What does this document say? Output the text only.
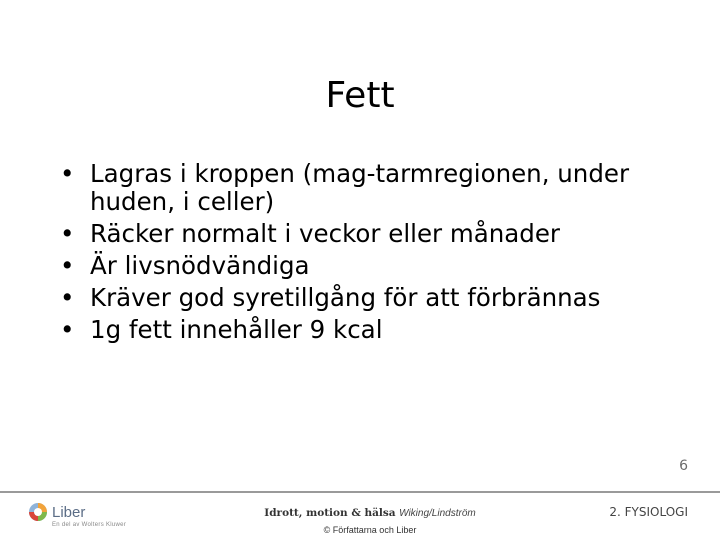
Fett
• Lagras i kroppen (mag-tarmregionen, under huden, i celler)
• Räcker normalt i veckor eller månader
• Är livsnödvändiga
• Kräver god syretillgång för att förbrännas
• 1g fett innehåller 9 kcal
6
Liber
En del av Wolters Kluwer
Idrott, motion & hälsa Wiking/Lindström
© Författarna och Liber
2. FYSIOLOGI
